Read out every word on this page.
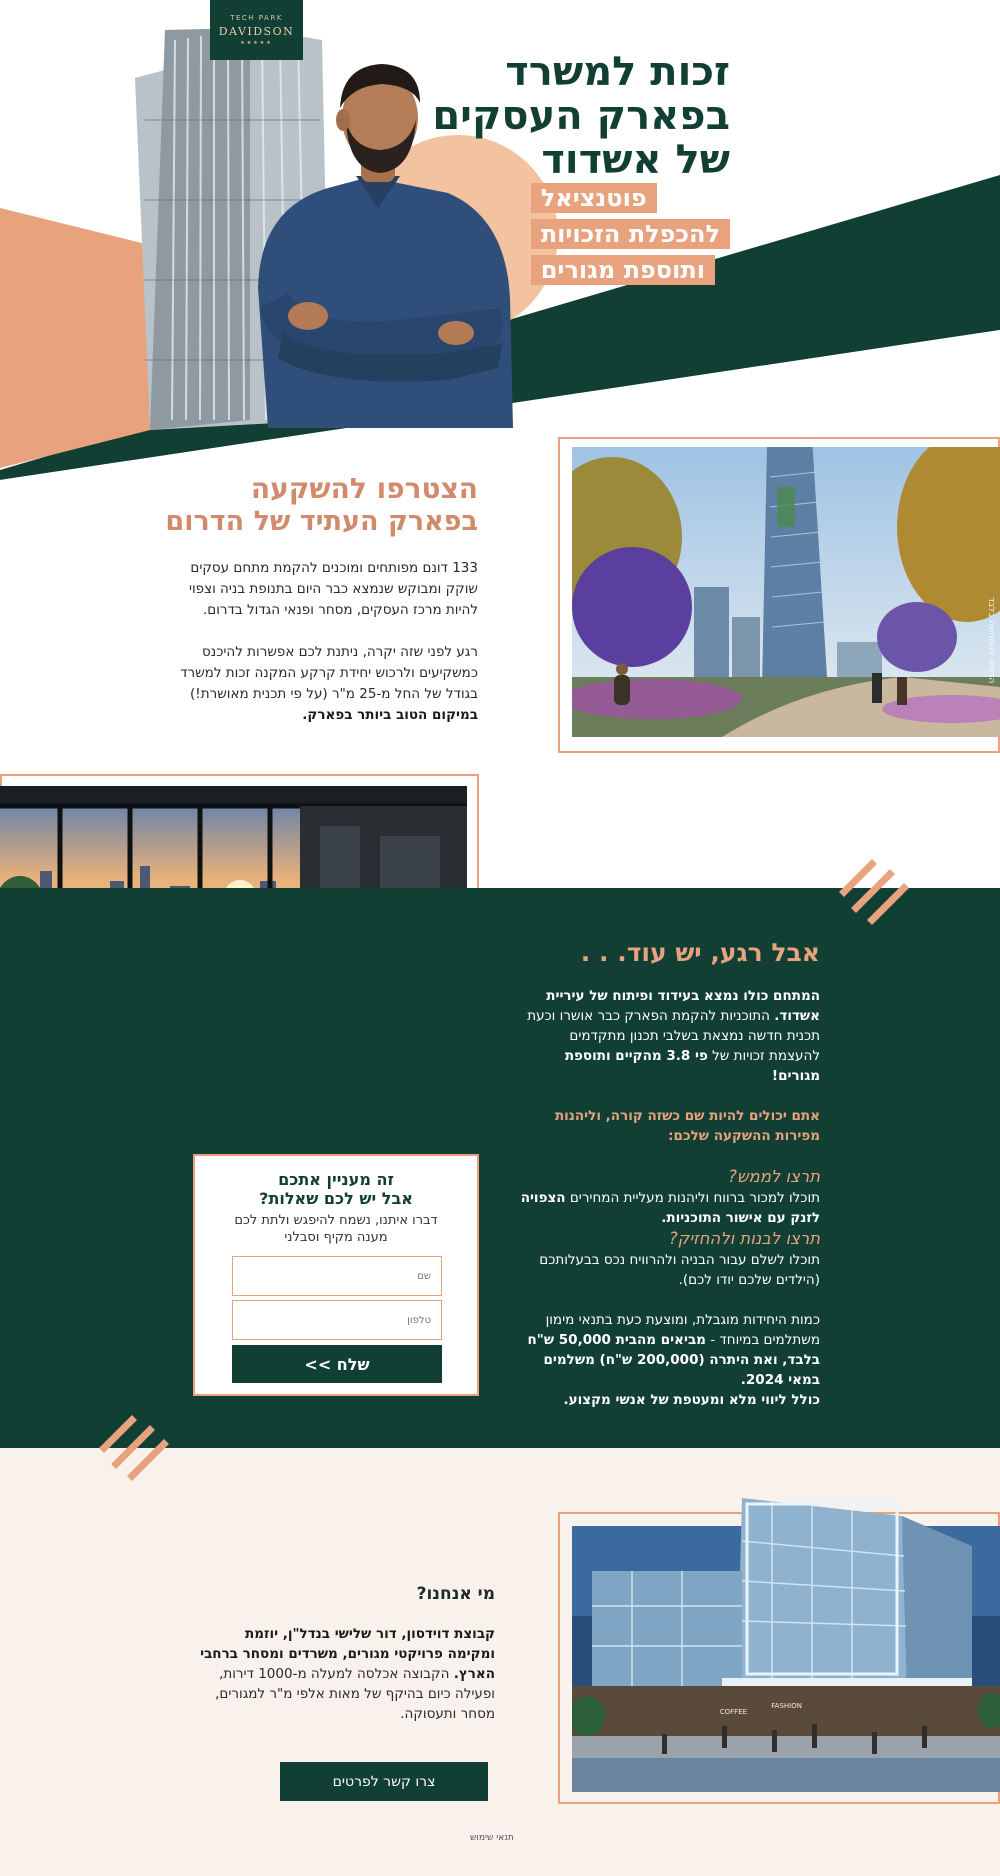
TECH PARK
DAVIDSON
★★★★★
זכות למשרד
בפארק העסקים
של אשדוד
פוטנציאל
להכפלת הזכויות
ותוספת מגורים
הצטרפו להשקעה
בפארק העתיד של הדרום

133 דונם מפותחים ומוכנים להקמת מתחם עסקים שוקק ומבוקש שנמצא כבר היום בתנופת בניה וצפוי להיות מרכז העסקים, מסחר ופנאי הגדול בדרום.

רגע לפני שזה יקרה, ניתנת לכם אפשרות להיכנס כמשקיעים ולרכוש יחידת קרקע המקנה זכות למשרד בגודל של החל מ-25 מ"ר (על פי תכנית מאושרת!) במיקום הטוב ביותר בפארק.

הדמיה להמחשה בלבד
אבל רגע, יש עוד. . .
המתחם כולו נמצא בעידוד ופיתוח של עיריית אשדוד. התוכניות להקמת הפארק כבר אושרו וכעת תכנית חדשה נמצאת בשלבי תכנון מתקדמים להעצמת זכויות של פי 3.8 מהקיים ותוספת מגורים!
אתם יכולים להיות שם כשזה קורה, וליהנות מפירות ההשקעה שלכם:
תרצו לממש?
תוכלו למכור ברווח וליהנות מעליית המחירים הצפויה לזנק עם אישור התוכניות.
תרצו לבנות ולהחזיק?
תוכלו לשלם עבור הבניה ולהרוויח נכס בבעלותכם (הילדים שלכם יודו לכם).
כמות היחידות מוגבלת, ומוצעת כעת בתנאי מימון משתלמים במיוחד - מביאים מהבית 50,000 ש"ח בלבד, ואת היתרה (200,000 ש"ח) משלמים במאי 2024.
כולל ליווי מלא ומעטפת של אנשי מקצוע.
זה מעניין אתכם
אבל יש לכם שאלות?
דברו איתנו, נשמח להיפגש ולתת לכם מענה מקיף וסבלני
שם
טלפון
שלח >>
מי אנחנו?
קבוצת דוידסון, דור שלישי בנדל"ן, יוזמת ומקימה פרויקטי מגורים, משרדים ומסחר ברחבי הארץ. הקבוצה אכלסה למעלה מ-1000 דירות, ופעילה כיום בהיקף של מאות אלפי מ"ר למגורים, מסחר ותעסוקה.	COFFEE
FASHION
צרו קשר לפרטים
תנאי שימוש
